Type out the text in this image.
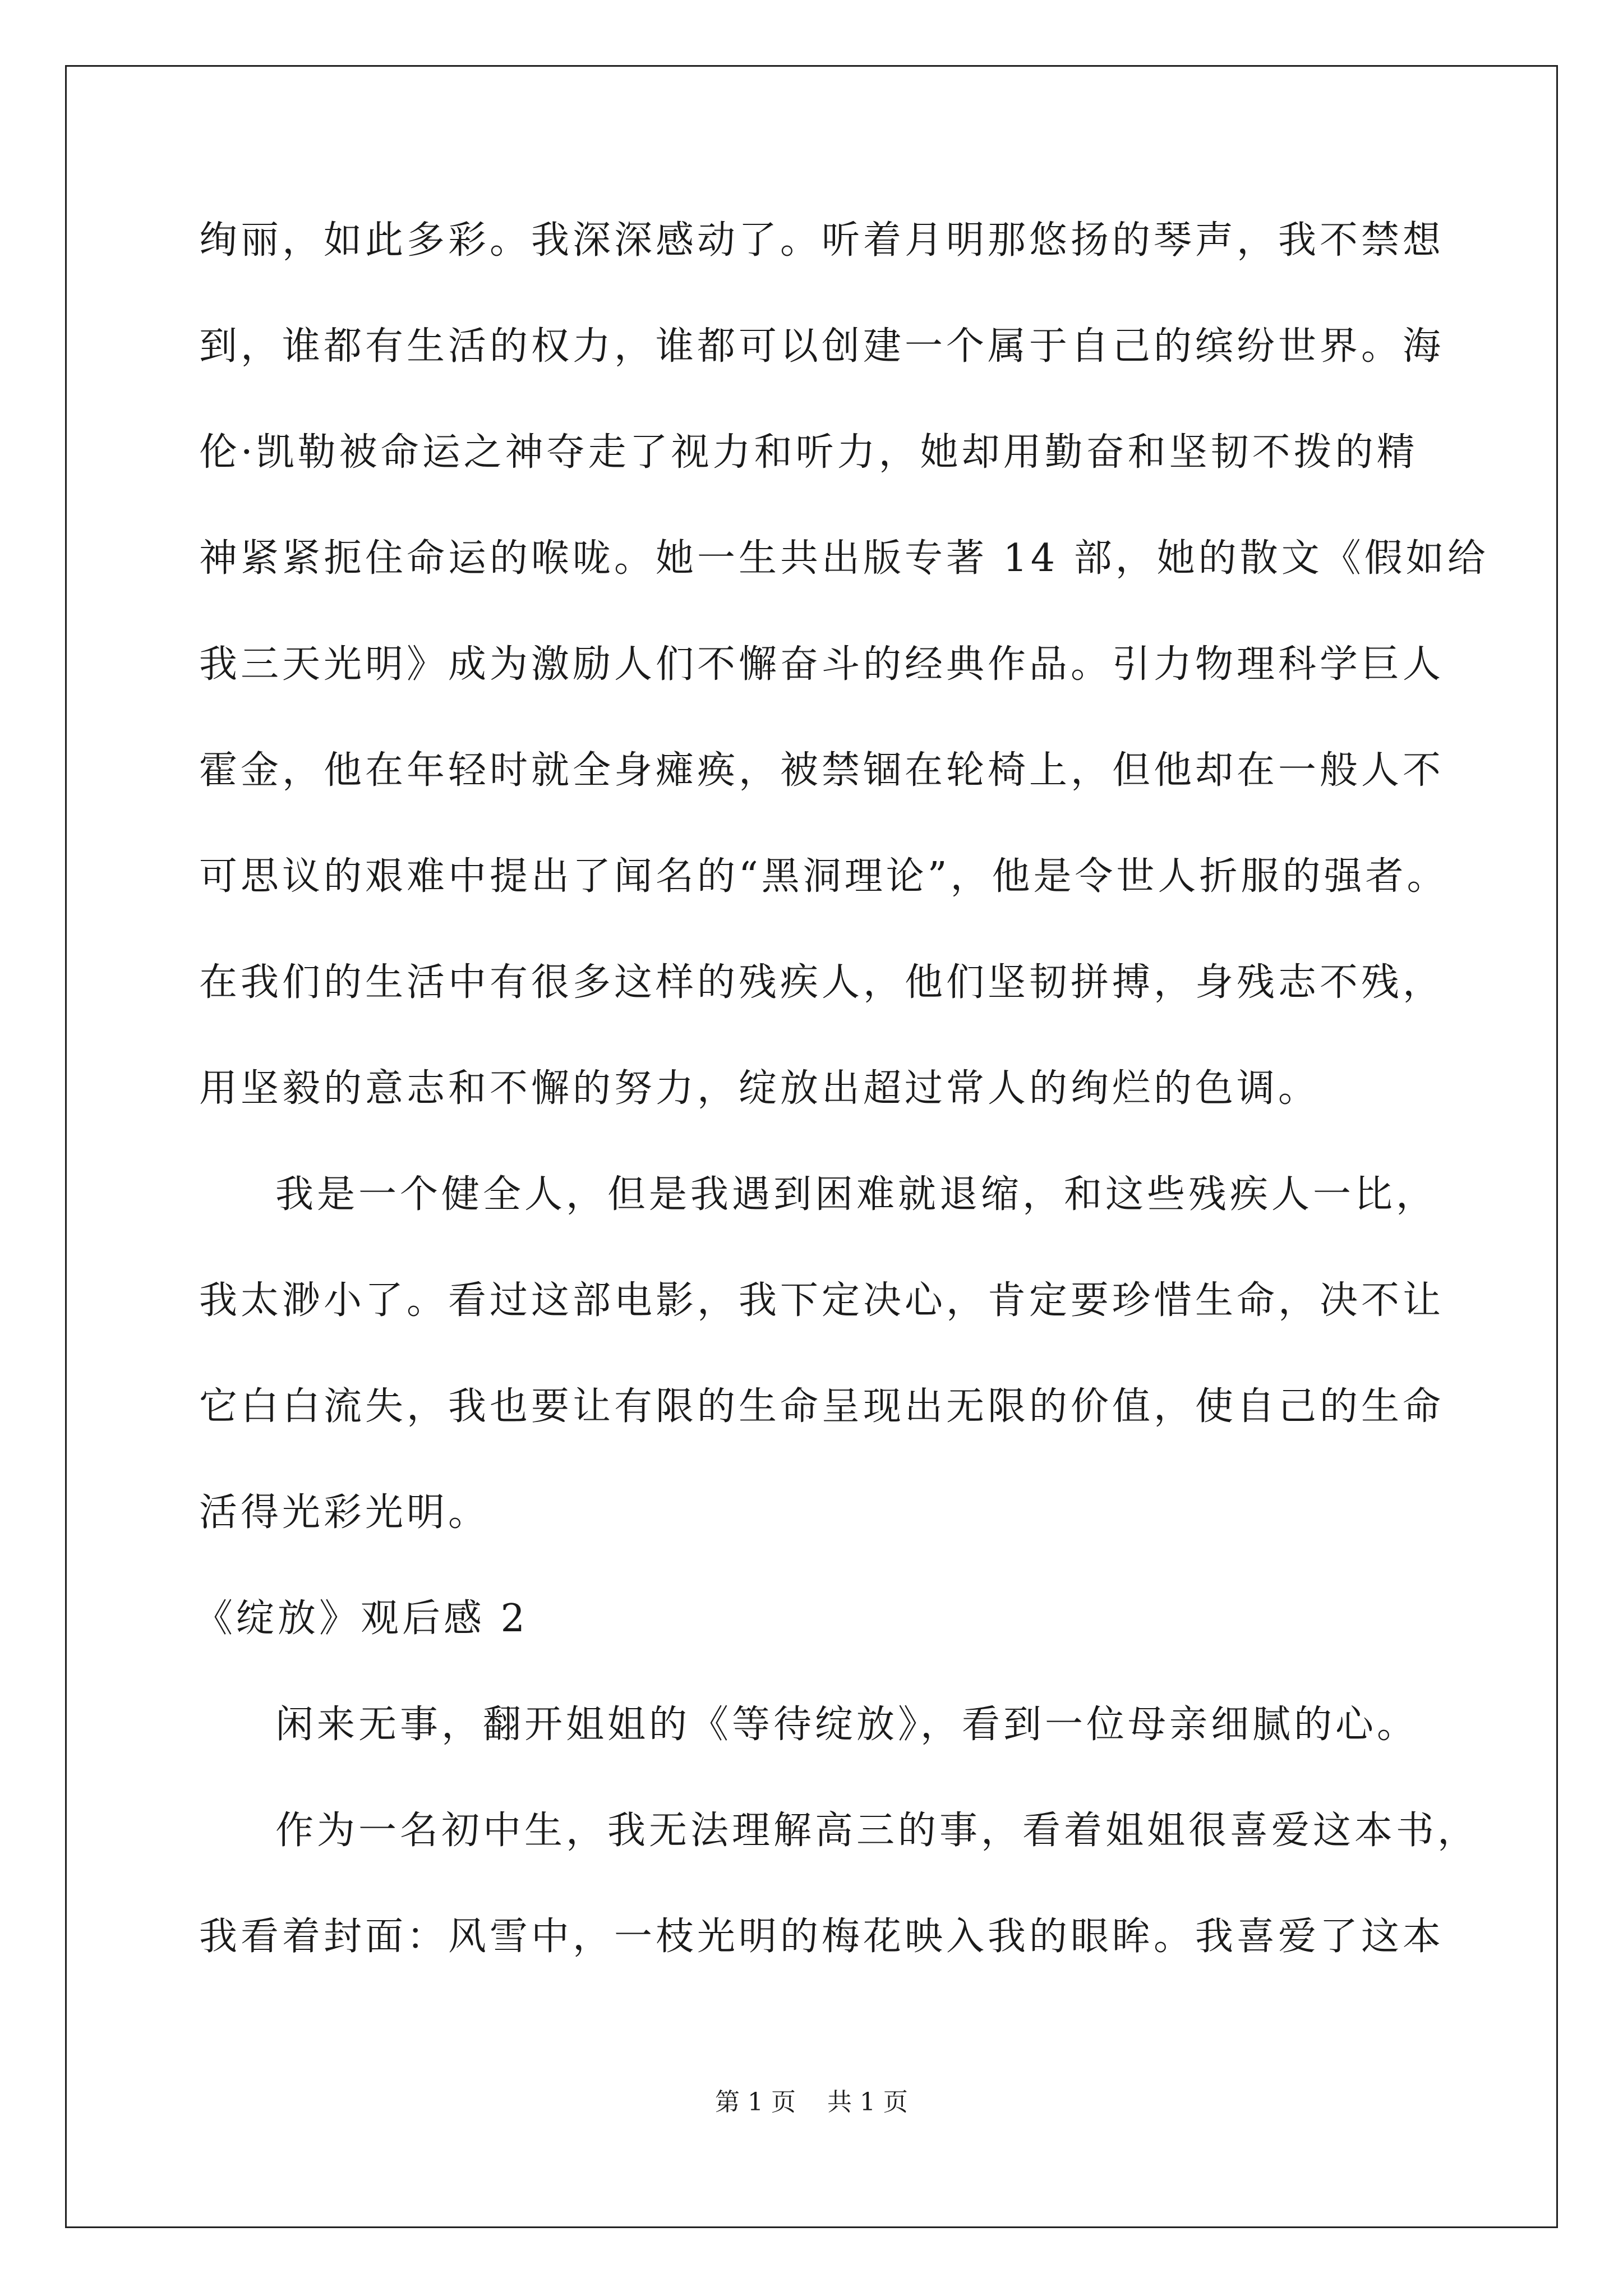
绚丽，如此多彩。我深深感动了。听着月明那悠扬的琴声，我不禁想
到，谁都有生活的权力，谁都可以创建一个属于自己的缤纷世界。海
伦·凯勒被命运之神夺走了视力和听力，她却用勤奋和坚韧不拨的精
神紧紧扼住命运的喉咙。她一生共出版专著 14 部，她的散文《假如给
我三天光明》成为激励人们不懈奋斗的经典作品。引力物理科学巨人
霍金，他在年轻时就全身瘫痪，被禁锢在轮椅上，但他却在一般人不
可思议的艰难中提出了闻名的“黑洞理论”，他是令世人折服的强者。
在我们的生活中有很多这样的残疾人，他们坚韧拼搏，身残志不残，
用坚毅的意志和不懈的努力，绽放出超过常人的绚烂的色调。
我是一个健全人，但是我遇到困难就退缩，和这些残疾人一比，
我太渺小了。看过这部电影，我下定决心，肯定要珍惜生命，决不让
它白白流失，我也要让有限的生命呈现出无限的价值，使自己的生命
活得光彩光明。
《绽放》观后感 2
闲来无事，翻开姐姐的《等待绽放》，看到一位母亲细腻的心。
作为一名初中生，我无法理解高三的事，看着姐姐很喜爱这本书，
我看着封面：风雪中，一枝光明的梅花映入我的眼眸。我喜爱了这本
第 1 页    共 1 页
